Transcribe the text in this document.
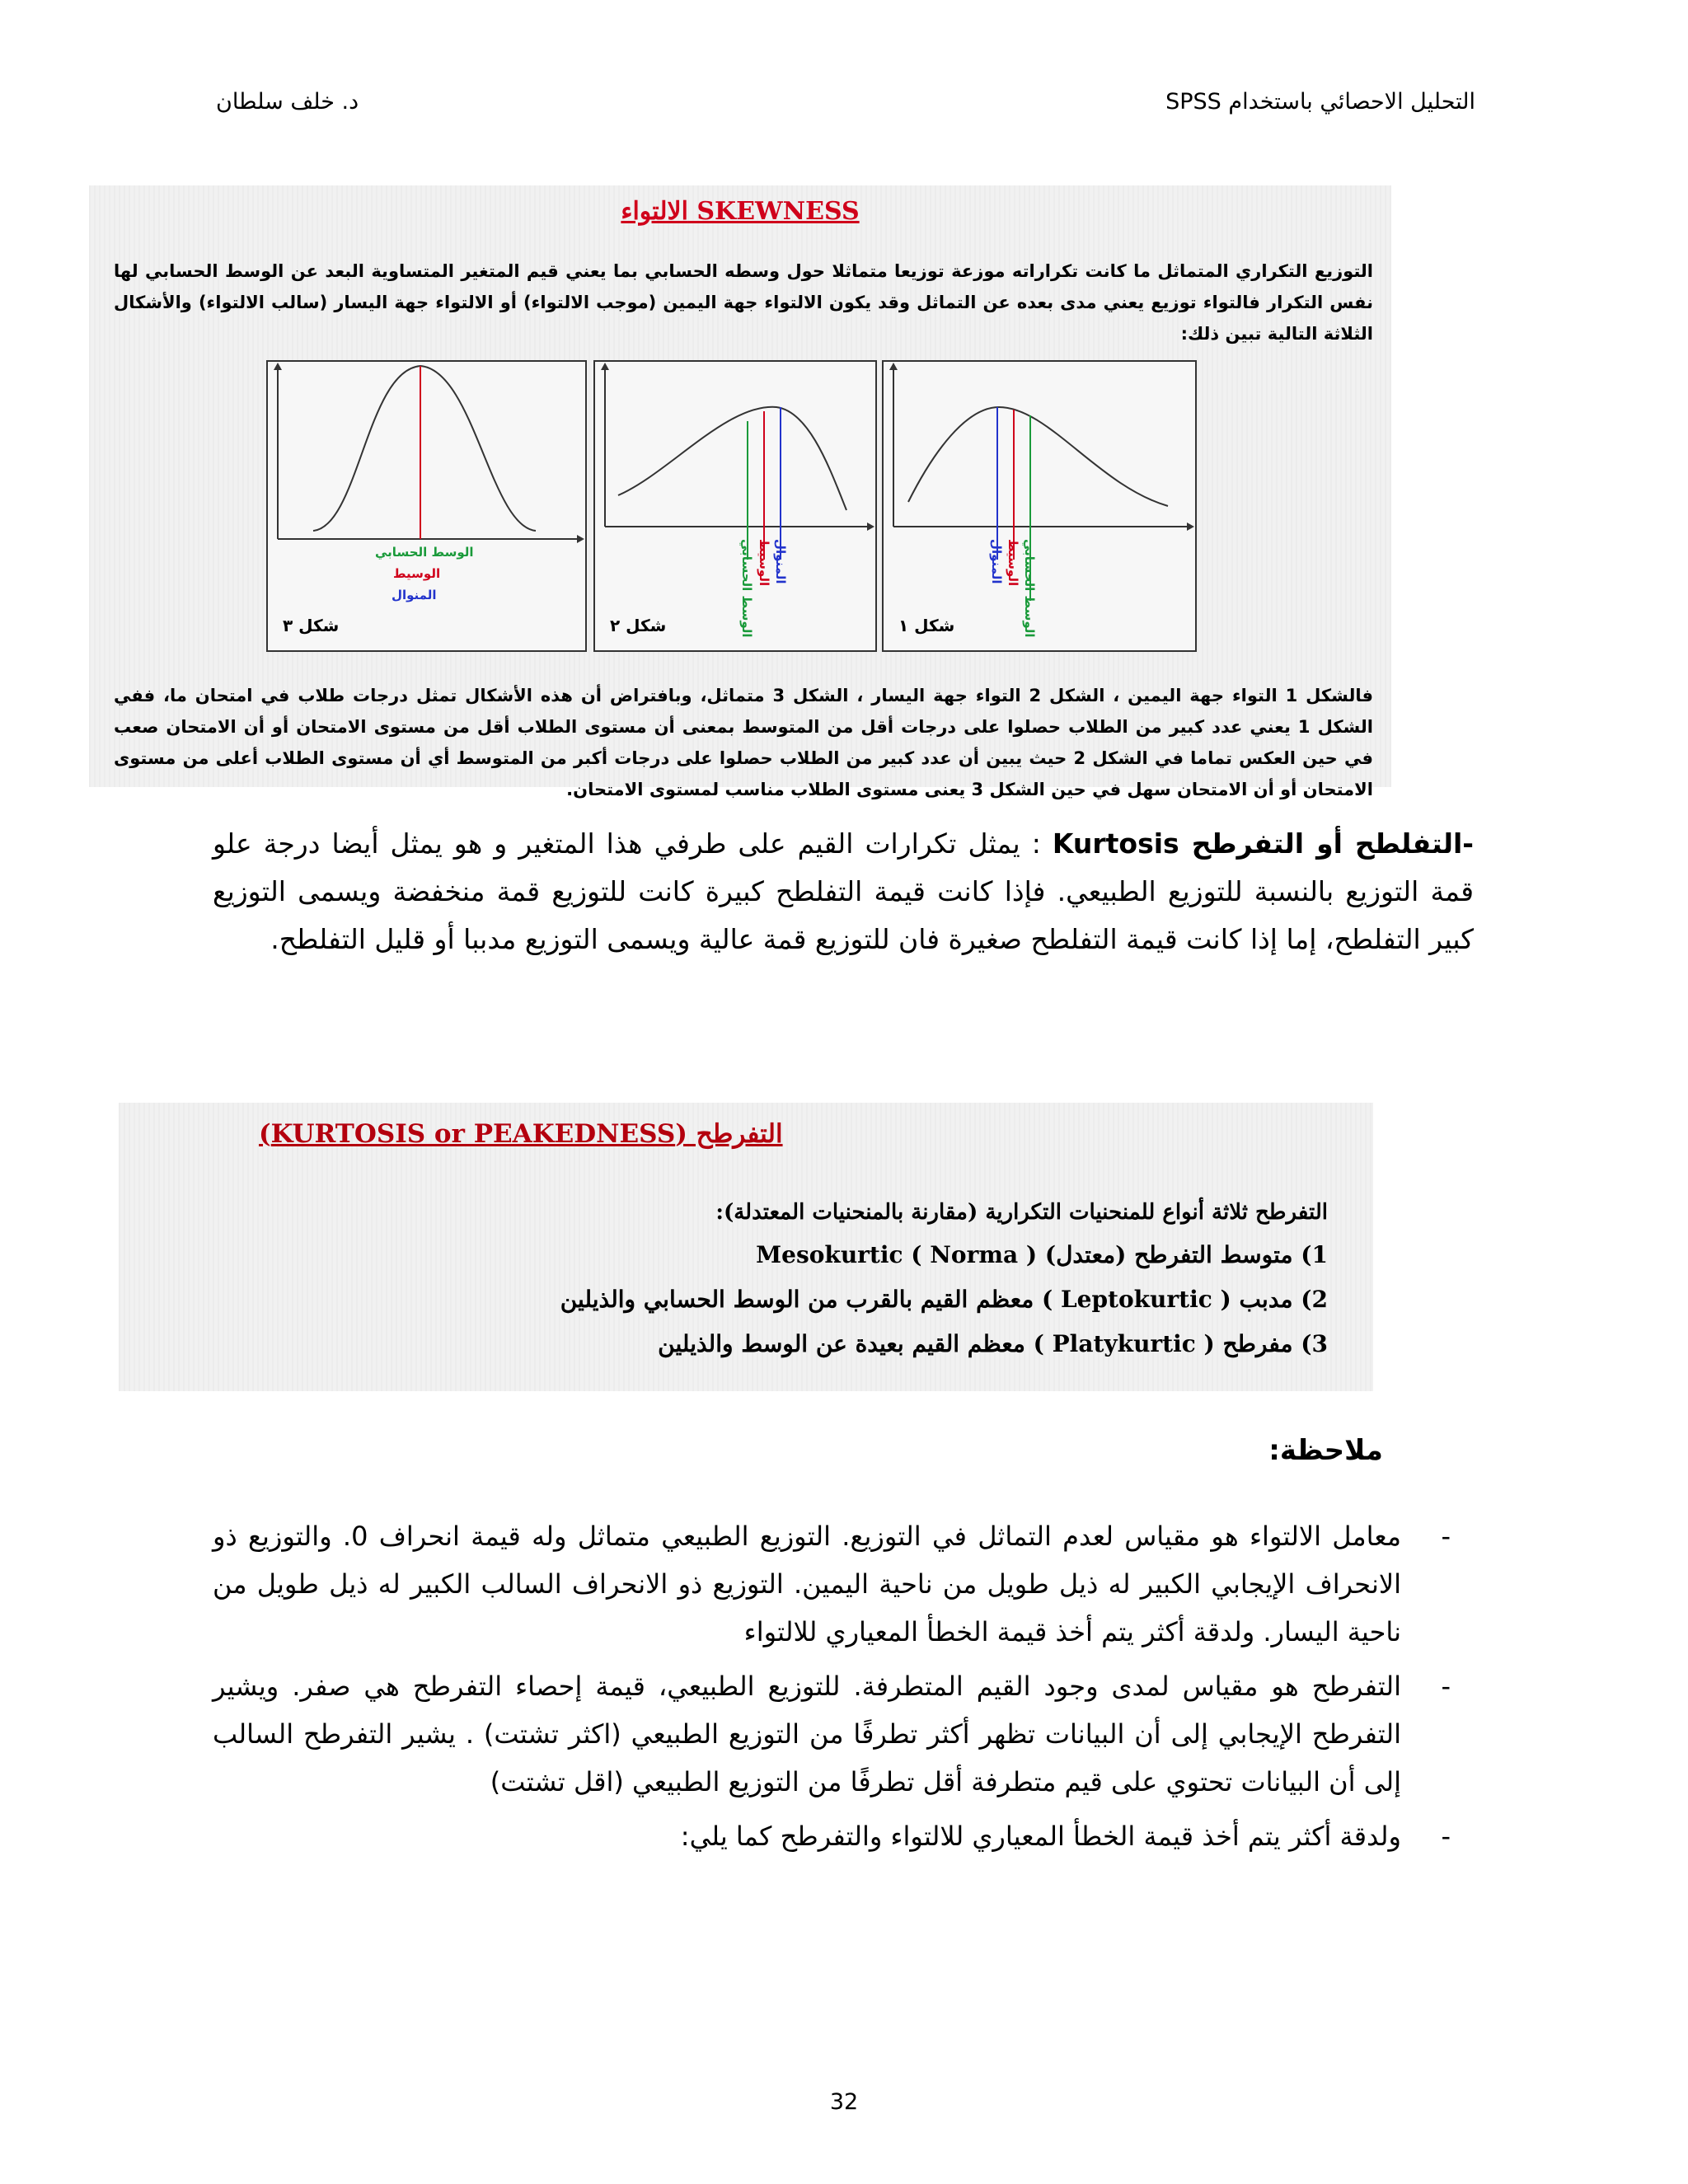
التحليل الاحصائي باستخدام SPSS
د. خلف سلطان
الالتواء SKEWNESS
التوزيع التكراري المتماثل ما كانت تكراراته موزعة توزيعا متماثلا حول وسطه الحسابي بما يعني قيم المتغير المتساوية البعد عن الوسط الحسابي لها نفس التكرار فالتواء توزيع يعني مدى بعده عن التماثل وقد يكون الالتواء جهة اليمين (موجب الالتواء) أو الالتواء جهة اليسار (سالب الالتواء) والأشكال الثلاثة التالية تبين ذلك:
الوسط الحسابي
الوسيط
المنوال
شكل ٣	الوسط الحسابي الوسيط المنوال
شكل ٢
المنوال الوسيط الوسط الحسابي
شكل ١
فالشكل 1 التواء جهة اليمين ، الشكل 2 التواء جهة اليسار ، الشكل 3 متماثل، وبافتراض أن هذه الأشكال تمثل درجات طلاب في امتحان ما، ففي الشكل 1 يعني عدد كبير من الطلاب حصلوا على درجات أقل من المتوسط بمعنى أن مستوى الطلاب أقل من مستوى الامتحان أو أن الامتحان صعب في حين العكس تماما في الشكل 2 حيث يبين أن عدد كبير من الطلاب حصلوا على درجات أكبر من المتوسط أي أن مستوى الطلاب أعلى من مستوى الامتحان أو أن الامتحان سهل في حين الشكل 3 يعنى مستوى الطلاب مناسب لمستوى الامتحان.
-التفلطح أو التفرطح Kurtosis : يمثل تكرارات القيم على طرفي هذا المتغير و هو يمثل أيضا درجة علو قمة التوزيع بالنسبة للتوزيع الطبيعي. فإذا كانت قيمة التفلطح كبيرة كانت للتوزيع قمة منخفضة ويسمى التوزيع كبير التفلطح، إما إذا كانت قيمة التفلطح صغيرة فان للتوزيع قمة عالية ويسمى التوزيع مدببا أو قليل التفلطح.
التفرطح (KURTOSIS or PEAKEDNESS)
التفرطح ثلاثة أنواع للمنحنيات التكرارية (مقارنة بالمنحنيات المعتدلة):
1) متوسط التفرطح (معتدل) ( Mesokurtic ( Norma
2) مدبب ( Leptokurtic ) معظم القيم بالقرب من الوسط الحسابي والذيلين
3) مفرطح ( Platykurtic ) معظم القيم بعيدة عن الوسط والذيلين
ملاحظة:
-
معامل الالتواء هو مقياس لعدم التماثل في التوزيع. التوزيع الطبيعي متماثل وله قيمة انحراف 0. والتوزيع ذو الانحراف الإيجابي الكبير له ذيل طويل من ناحية اليمين. التوزيع ذو الانحراف السالب الكبير له ذيل طويل من ناحية اليسار. ولدقة أكثر يتم أخذ قيمة الخطأ المعياري للالتواء
-
التفرطح هو مقياس لمدى وجود القيم المتطرفة. للتوزيع الطبيعي، قيمة إحصاء التفرطح هي صفر. ويشير التفرطح الإيجابي إلى أن البيانات تظهر أكثر تطرفًا من التوزيع الطبيعي (اكثر تشتت) . يشير التفرطح السالب إلى أن البيانات تحتوي على قيم متطرفة أقل تطرفًا من التوزيع الطبيعي (اقل تشتت)
-
ولدقة أكثر يتم أخذ قيمة الخطأ المعياري للالتواء والتفرطح كما يلي:
32
